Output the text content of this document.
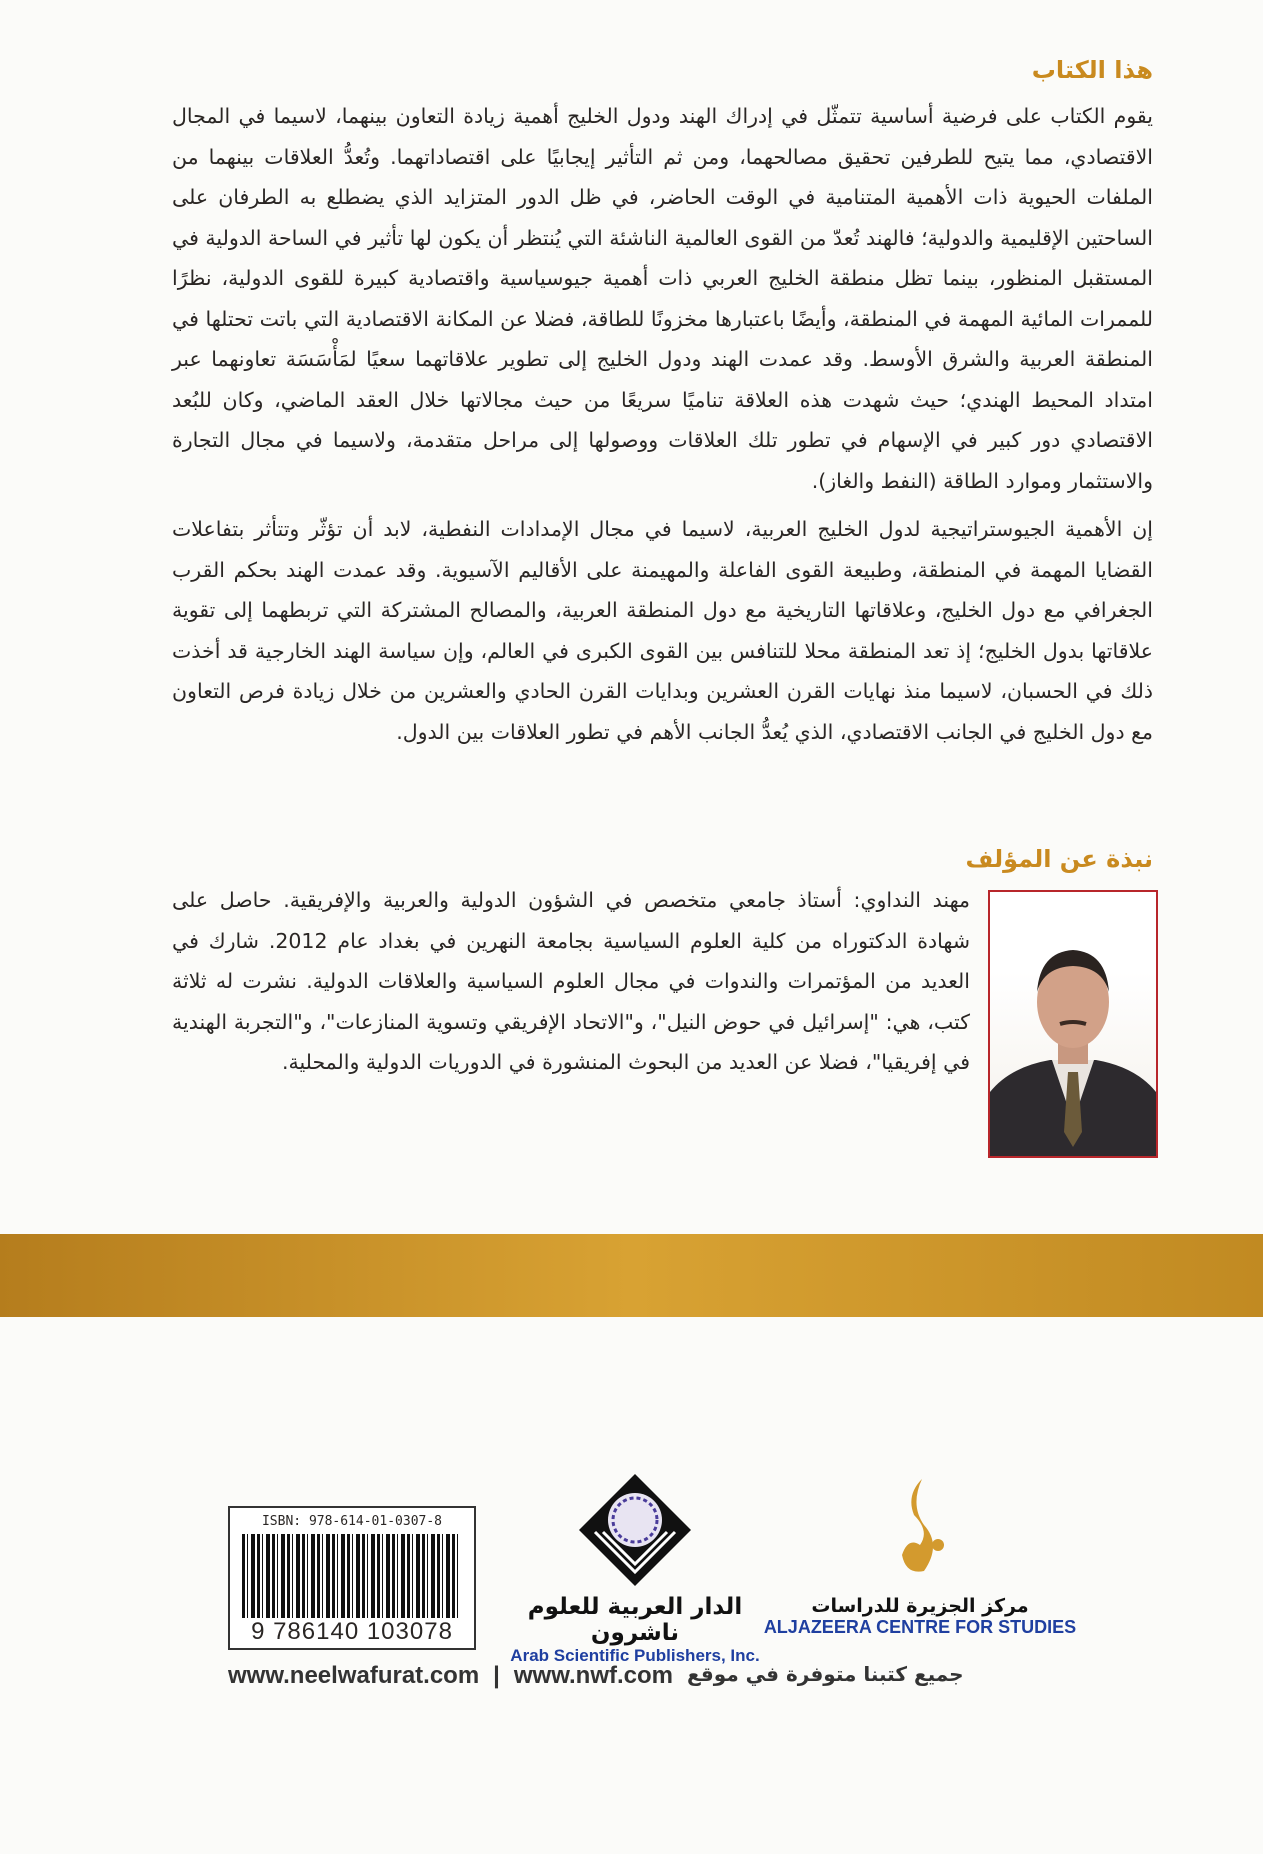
هذا الكتاب

يقوم الكتاب على فرضية أساسية تتمثّل في إدراك الهند ودول الخليج أهمية زيادة التعاون بينهما، لاسيما في المجال الاقتصادي، مما يتيح للطرفين تحقيق مصالحهما، ومن ثم التأثير إيجابيًا على اقتصاداتهما. وتُعدُّ العلاقات بينهما من الملفات الحيوية ذات الأهمية المتنامية في الوقت الحاضر، في ظل الدور المتزايد الذي يضطلع به الطرفان على الساحتين الإقليمية والدولية؛ فالهند تُعدّ من القوى العالمية الناشئة التي يُنتظر أن يكون لها تأثير في الساحة الدولية في المستقبل المنظور، بينما تظل منطقة الخليج العربي ذات أهمية جيوسياسية واقتصادية كبيرة للقوى الدولية، نظرًا للممرات المائية المهمة في المنطقة، وأيضًا باعتبارها مخزونًا للطاقة، فضلا عن المكانة الاقتصادية التي باتت تحتلها في المنطقة العربية والشرق الأوسط. وقد عمدت الهند ودول الخليج إلى تطوير علاقاتهما سعيًا لمَأْسَسَة تعاونهما عبر امتداد المحيط الهندي؛ حيث شهدت هذه العلاقة تناميًا سريعًا من حيث مجالاتها خلال العقد الماضي، وكان للبُعد الاقتصادي دور كبير في الإسهام في تطور تلك العلاقات ووصولها إلى مراحل متقدمة، ولاسيما في مجال التجارة والاستثمار وموارد الطاقة (النفط والغاز).

إن الأهمية الجيوستراتيجية لدول الخليج العربية، لاسيما في مجال الإمدادات النفطية، لابد أن تؤثّر وتتأثر بتفاعلات القضايا المهمة في المنطقة، وطبيعة القوى الفاعلة والمهيمنة على الأقاليم الآسيوية. وقد عمدت الهند بحكم القرب الجغرافي مع دول الخليج، وعلاقاتها التاريخية مع دول المنطقة العربية، والمصالح المشتركة التي تربطهما إلى تقوية علاقاتها بدول الخليج؛ إذ تعد المنطقة محلا للتنافس بين القوى الكبرى في العالم، وإن سياسة الهند الخارجية قد أخذت ذلك في الحسبان، لاسيما منذ نهايات القرن العشرين وبدايات القرن الحادي والعشرين من خلال زيادة فرص التعاون مع دول الخليج في الجانب الاقتصادي، الذي يُعدُّ الجانب الأهم في تطور العلاقات بين الدول.

نبذة عن المؤلف
مهند النداوي: أستاذ جامعي متخصص في الشؤون الدولية والعربية والإفريقية. حاصل على شهادة الدكتوراه من كلية العلوم السياسية بجامعة النهرين في بغداد عام 2012. شارك في العديد من المؤتمرات والندوات في مجال العلوم السياسية والعلاقات الدولية. نشرت له ثلاثة كتب، هي: "إسرائيل في حوض النيل"، و"الاتحاد الإفريقي وتسوية المنازعات"، و"التجربة الهندية في إفريقيا"، فضلا عن العديد من البحوث المنشورة في الدوريات الدولية والمحلية.
ISBN: 978-614-01-0307-8
9 786140 103078
الدار العربية للعلوم ناشرون
Arab Scientific Publishers, Inc.
مركز الجزيرة للدراسات
ALJAZEERA CENTRE FOR STUDIES
www.neelwafurat.com | www.nwf.com جميع كتبنا متوفرة في موقع
